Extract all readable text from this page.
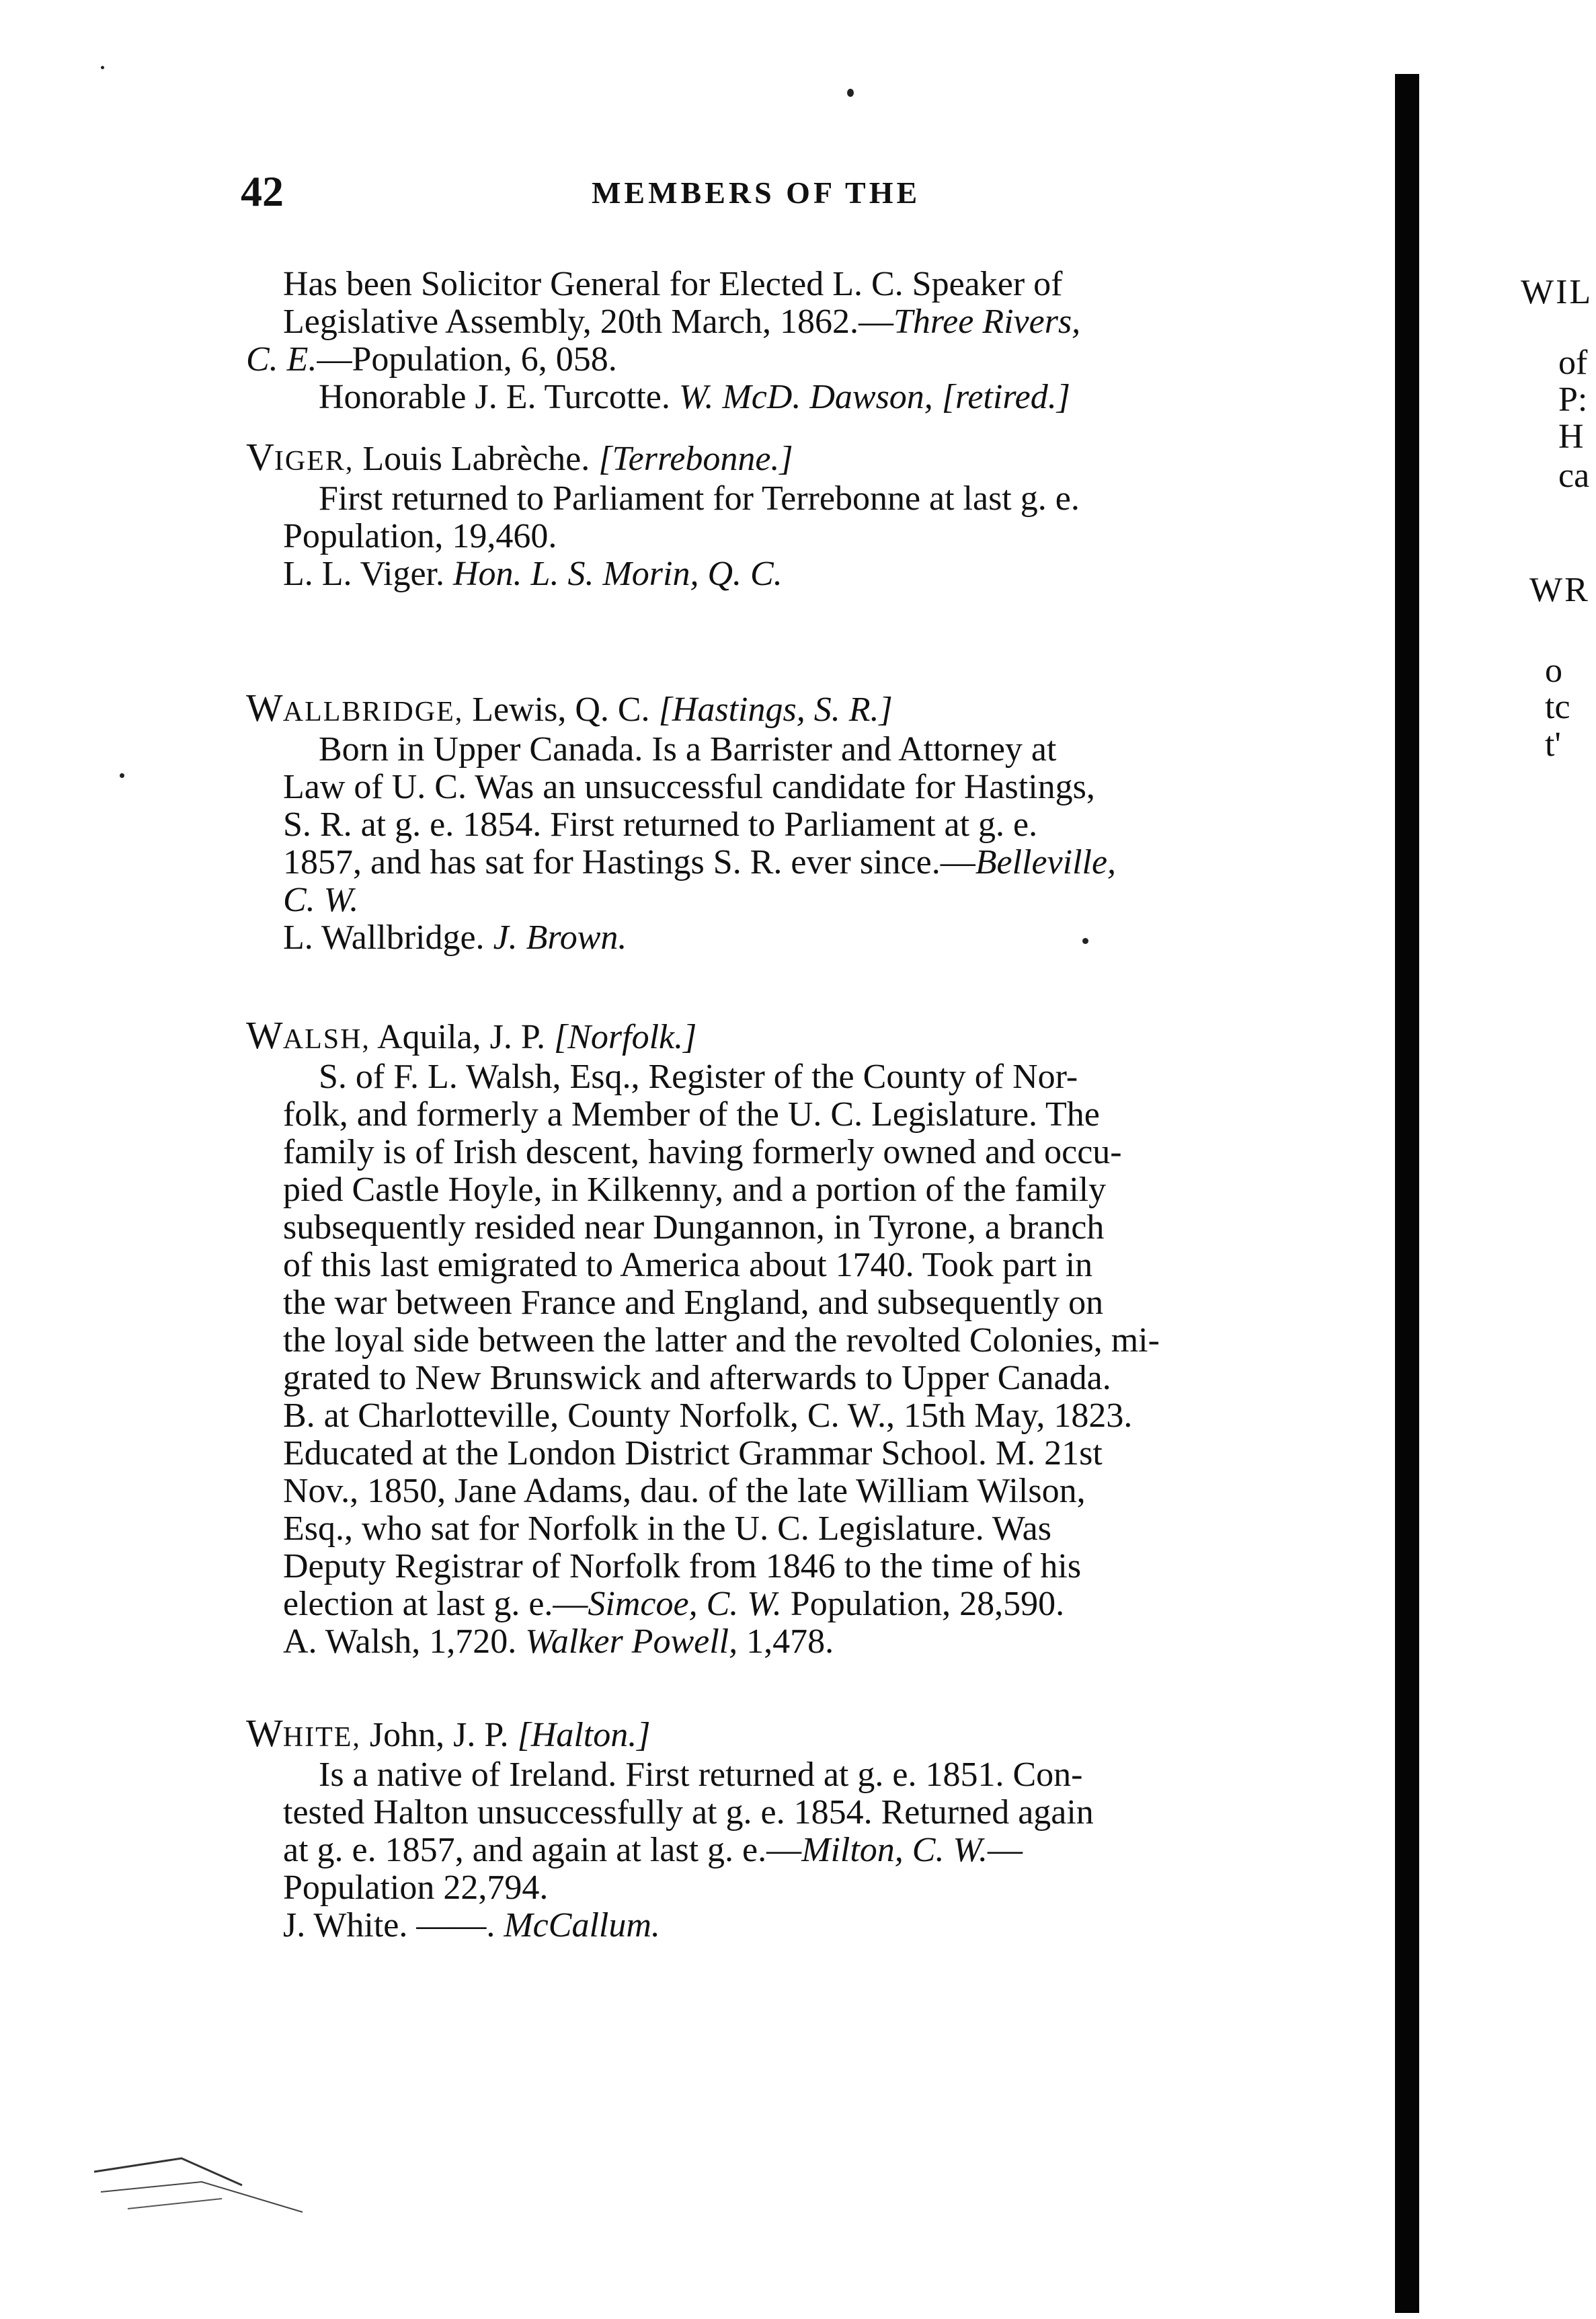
42	MEMBERS OF THE
Has been Solicitor General for Elected L. C. Speaker of
Legislative Assembly, 20th March, 1862.—Three Rivers,
C. E.—Population, 6, 058.
Honorable J. E. Turcotte. W. McD. Dawson, [retired.]
VIGER, Louis Labrèche. [Terrebonne.]
First returned to Parliament for Terrebonne at last g. e.
Population, 19,460.
L. L. Viger. Hon. L. S. Morin, Q. C.
WALLBRIDGE, Lewis, Q. C. [Hastings, S. R.]
Born in Upper Canada. Is a Barrister and Attorney at
Law of U. C. Was an unsuccessful candidate for Hastings,
S. R. at g. e. 1854. First returned to Parliament at g. e.
1857, and has sat for Hastings S. R. ever since.—Belleville,
C. W.
L. Wallbridge. J. Brown.
WALSH, Aquila, J. P. [Norfolk.]
S. of F. L. Walsh, Esq., Register of the County of Nor-
folk, and formerly a Member of the U. C. Legislature. The
family is of Irish descent, having formerly owned and occu-
pied Castle Hoyle, in Kilkenny, and a portion of the family
subsequently resided near Dungannon, in Tyrone, a branch
of this last emigrated to America about 1740. Took part in
the war between France and England, and subsequently on
the loyal side between the latter and the revolted Colonies, mi-
grated to New Brunswick and afterwards to Upper Canada.
B. at Charlotteville, County Norfolk, C. W., 15th May, 1823.
Educated at the London District Grammar School. M. 21st
Nov., 1850, Jane Adams, dau. of the late William Wilson,
Esq., who sat for Norfolk in the U. C. Legislature. Was
Deputy Registrar of Norfolk from 1846 to the time of his
election at last g. e.—Simcoe, C. W. Population, 28,590.
A. Walsh, 1,720. Walker Powell, 1,478.
WHITE, John, J. P. [Halton.]
Is a native of Ireland. First returned at g. e. 1851. Con-
tested Halton unsuccessfully at g. e. 1854. Returned again
at g. e. 1857, and again at last g. e.—Milton, C. W.—
Population 22,794.
J. White. ——. McCallum.
WIL
of
P:
H
ca
WR
o
tc
t'
